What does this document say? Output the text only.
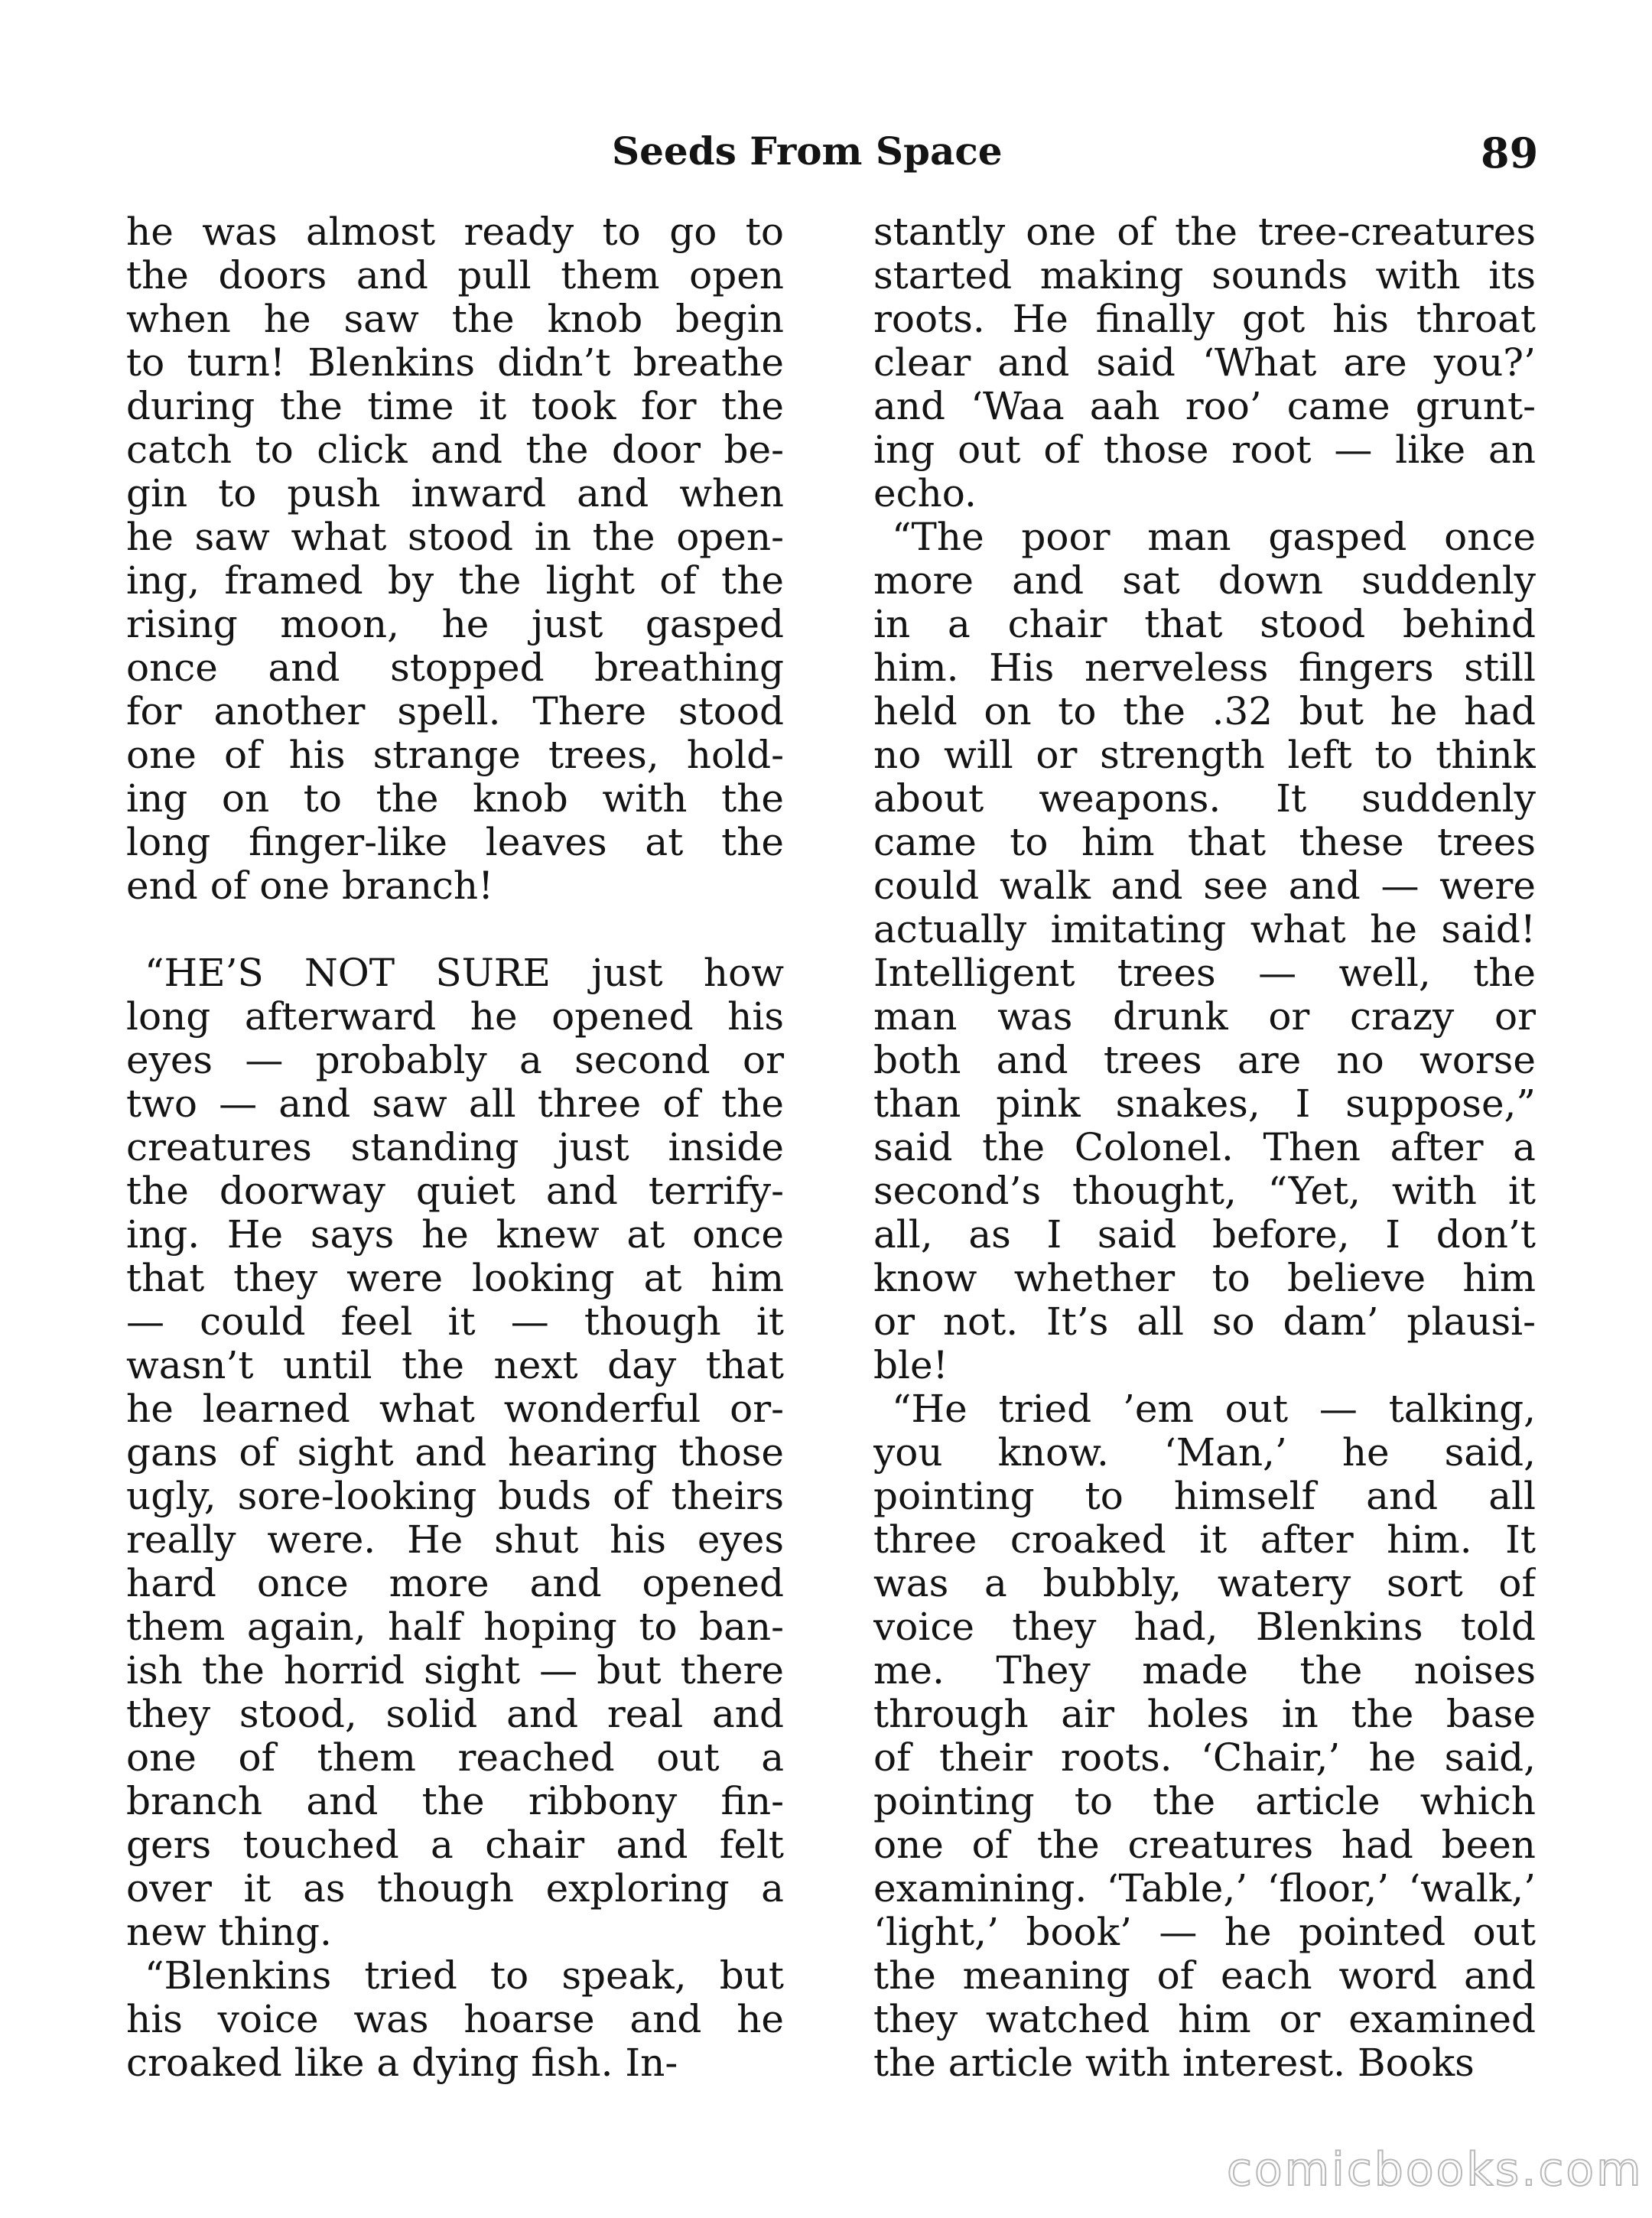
Seeds From Space	89
he was almost ready to go to
the doors and pull them open
when he saw the knob begin
to turn! Blenkins didn’t breathe
during the time it took for the
catch to click and the door be-
gin to push inward and when
he saw what stood in the open-
ing, framed by the light of the
rising moon, he just gasped
once and stopped breathing
for another spell. There stood
one of his strange trees, hold-
ing on to the knob with the
long finger-like leaves at the
end of one branch!
“HE’S NOT SURE just how
long afterward he opened his
eyes — probably a second or
two — and saw all three of the
creatures standing just inside
the doorway quiet and terrify-
ing. He says he knew at once
that they were looking at him
— could feel it — though it
wasn’t until the next day that
he learned what wonderful or-
gans of sight and hearing those
ugly, sore-looking buds of theirs
really were. He shut his eyes
hard once more and opened
them again, half hoping to ban-
ish the horrid sight — but there
they stood, solid and real and
one of them reached out a
branch and the ribbony fin-
gers touched a chair and felt
over it as though exploring a
new thing.
“Blenkins tried to speak, but
his voice was hoarse and he
croaked like a dying fish. In-
stantly one of the tree-creatures
started making sounds with its
roots. He finally got his throat
clear and said ‘What are you?’
and ‘Waa aah roo’ came grunt-
ing out of those root — like an
echo.
“The poor man gasped once
more and sat down suddenly
in a chair that stood behind
him. His nerveless fingers still
held on to the .32 but he had
no will or strength left to think
about weapons. It suddenly
came to him that these trees
could walk and see and — were
actually imitating what he said!
Intelligent trees — well, the
man was drunk or crazy or
both and trees are no worse
than pink snakes, I suppose,”
said the Colonel. Then after a
second’s thought, “Yet, with it
all, as I said before, I don’t
know whether to believe him
or not. It’s all so dam’ plausi-
ble!
“He tried ’em out — talking,
you know. ‘Man,’ he said,
pointing to himself and all
three croaked it after him. It
was a bubbly, watery sort of
voice they had, Blenkins told
me. They made the noises
through air holes in the base
of their roots. ‘Chair,’ he said,
pointing to the article which
one of the creatures had been
examining. ‘Table,’ ‘floor,’ ‘walk,’
‘light,’ book’ — he pointed out
the meaning of each word and
they watched him or examined
the article with interest. Books
comicbooks.com
